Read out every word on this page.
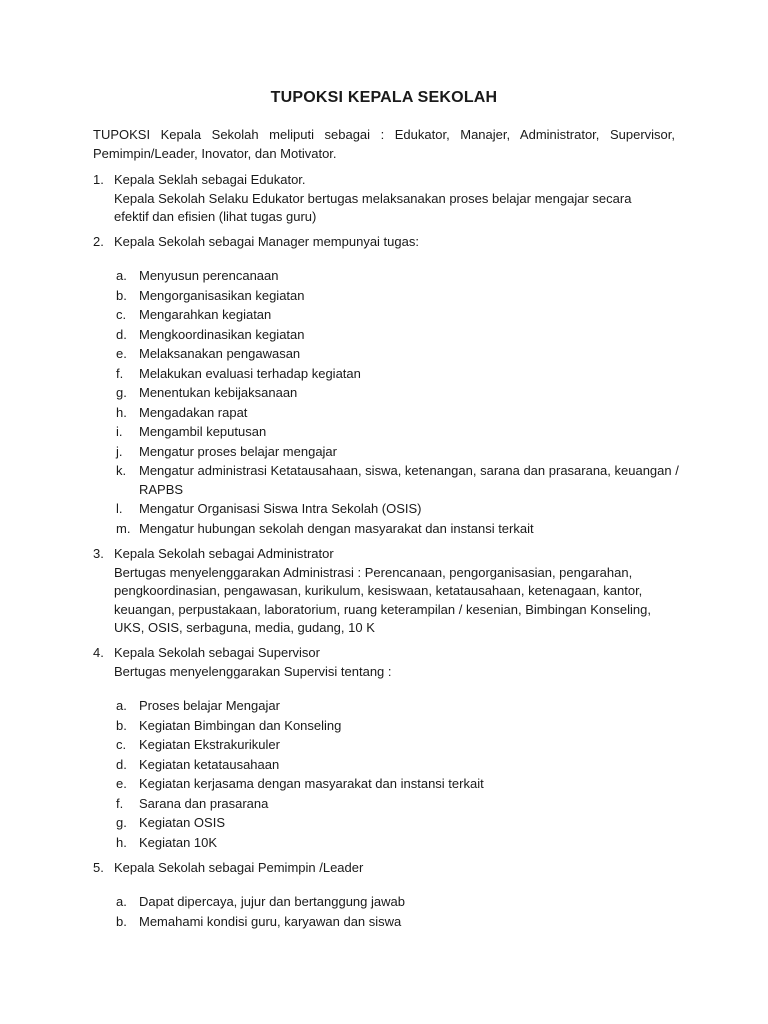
TUPOKSI KEPALA SEKOLAH
TUPOKSI Kepala Sekolah meliputi sebagai : Edukator, Manajer, Administrator, Supervisor, Pemimpin/Leader, Inovator, dan Motivator.
1. Kepala Seklah sebagai Edukator.
Kepala Sekolah Selaku Edukator bertugas melaksanakan proses belajar mengajar secara efektif dan efisien (lihat tugas guru)
2. Kepala Sekolah sebagai Manager mempunyai tugas:
a. Menyusun perencanaan
b. Mengorganisasikan kegiatan
c. Mengarahkan kegiatan
d. Mengkoordinasikan kegiatan
e. Melaksanakan pengawasan
f. Melakukan evaluasi terhadap kegiatan
g. Menentukan kebijaksanaan
h. Mengadakan rapat
i. Mengambil keputusan
j. Mengatur proses belajar mengajar
k. Mengatur administrasi Ketatausahaan, siswa, ketenangan, sarana dan prasarana, keuangan / RAPBS
l. Mengatur Organisasi Siswa Intra Sekolah (OSIS)
m. Mengatur hubungan sekolah dengan masyarakat dan instansi terkait
3. Kepala Sekolah sebagai Administrator
Bertugas menyelenggarakan Administrasi : Perencanaan, pengorganisasian, pengarahan, pengkoordinasian, pengawasan, kurikulum, kesiswaan, ketatausahaan, ketenagaan, kantor, keuangan, perpustakaan, laboratorium, ruang keterampilan / kesenian, Bimbingan Konseling, UKS, OSIS, serbaguna, media, gudang, 10 K
4. Kepala Sekolah sebagai Supervisor
Bertugas menyelenggarakan Supervisi tentang :
a. Proses belajar Mengajar
b. Kegiatan Bimbingan dan Konseling
c. Kegiatan Ekstrakurikuler
d. Kegiatan ketatausahaan
e. Kegiatan kerjasama dengan masyarakat dan instansi terkait
f. Sarana dan prasarana
g. Kegiatan OSIS
h. Kegiatan 10K
5. Kepala Sekolah sebagai Pemimpin /Leader
a. Dapat dipercaya, jujur dan bertanggung jawab
b. Memahami kondisi guru, karyawan dan siswa
